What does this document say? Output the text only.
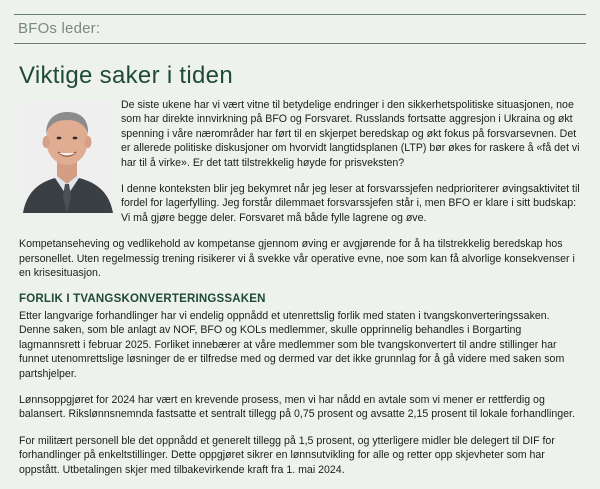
BFOs leder:
Viktige saker i tiden

De siste ukene har vi vært vitne til betydelige endringer i den sikkerhetspolitiske situasjonen, noe som har direkte innvirkning på BFO og Forsvaret. Russlands fortsatte aggresjon i Ukraina og økt spenning i våre nærområder har ført til en skjerpet beredskap og økt fokus på forsvarsevnen. Det er allerede politiske diskusjoner om hvorvidt langtidsplanen (LTP) bør økes for raskere å «få det vi har til å virke». Er det tatt tilstrekkelig høyde for prisveksten?

I denne konteksten blir jeg bekymret når jeg leser at forsvarssjefen nedprioriterer øvingsaktivitet til fordel for lagerfylling. Jeg forstår dilemmaet forsvarssjefen står i, men BFO er klare i sitt budskap: Vi må gjøre begge deler. Forsvaret må både fylle lagrene og øve.

Kompetanseheving og vedlikehold av kompetanse gjennom øving er avgjørende for å ha tilstrekkelig beredskap hos personellet. Uten regelmessig trening risikerer vi å svekke vår operative evne, noe som kan få alvorlige konsekvenser i en krisesituasjon.

FORLIK I TVANGSKONVERTERINGSSAKEN

Etter langvarige forhandlinger har vi endelig oppnådd et utenrettslig forlik med staten i tvangskonverteringssaken. Denne saken, som ble anlagt av NOF, BFO og KOLs medlemmer, skulle opprinnelig behandles i Borgarting lagmannsrett i februar 2025. Forliket innebærer at våre medlemmer som ble tvangskonvertert til andre stillinger har funnet utenomrettslige løsninger de er tilfredse med og dermed var det ikke grunnlag for å gå videre med saken som partshjelper.

Lønnsoppgjøret for 2024 har vært en krevende prosess, men vi har nådd en avtale som vi mener er rettferdig og balansert. Rikslønnsnemnda fastsatte et sentralt tillegg på 0,75 prosent og avsatte 2,15 prosent til lokale forhandlinger.

For militært personell ble det oppnådd et generelt tillegg på 1,5 prosent, og ytterligere midler ble delegert til DIF for forhandlinger på enkeltstillinger. Dette oppgjøret sikrer en lønnsutvikling for alle og retter opp skjevheter som har oppstått. Utbetalingen skjer med tilbakevirkende kraft fra 1. mai 2024.
